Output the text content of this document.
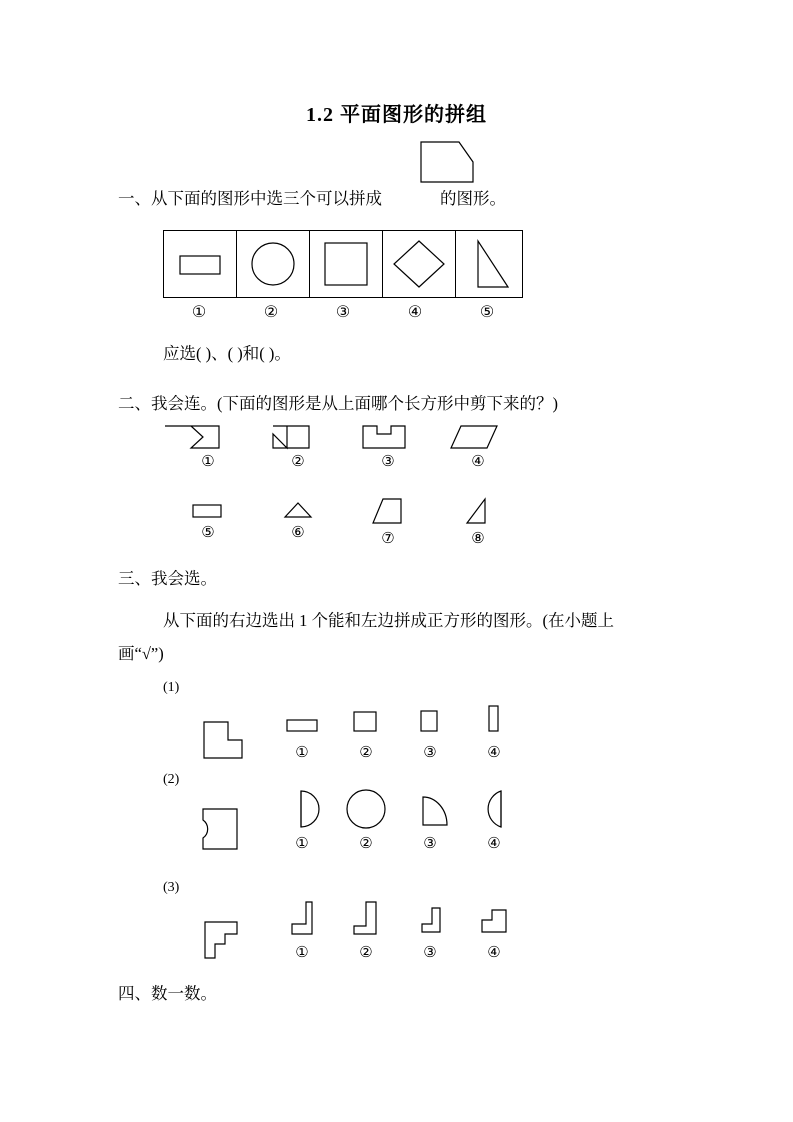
1.2 平面图形的拼组
一、从下面的图形中选三个可以拼成	的图形。
①	②	③	④	⑤
应选( )、( )和( )。
二、我会连。(下面的图形是从上面哪个长方形中剪下来的？)
①	②	③	④
⑤	⑥	⑦	⑧
三、我会选。
从下面的右边选出 1 个能和左边拼成正方形的图形。(在小题上
画“√”)
(1)
①	②	③	④
(2)
①	②	③	④
(3)
①	②	③	④
四、数一数。
